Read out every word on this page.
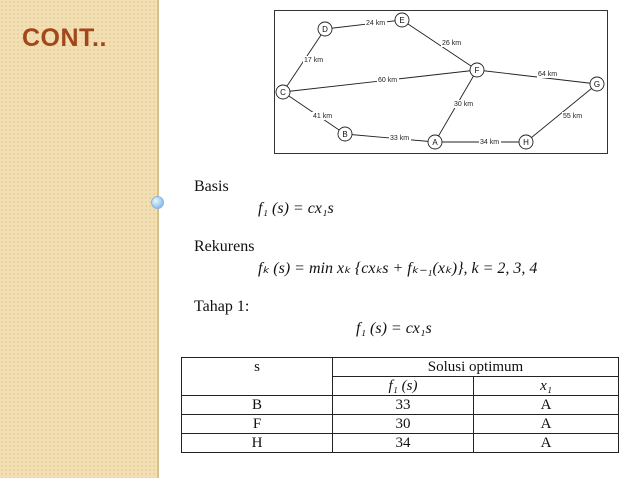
CONT..
24 km
26 km
17 km
60 km
64 km
30 km
41 km
33 km
34 km
55 km
D
E
C
F
G
B
A	H
Basis
f₁ (s) = cx₁s
Rekurens
fₖ (s) = min xₖ {cxₖs + fₖ₋₁(xₖ)}, k = 2, 3, 4
Tahap 1:
f₁ (s) = cx₁s
s	Solusi optimum	
	f₁ (s)	x₁
B	33	A
F	30	A
H	34	A
